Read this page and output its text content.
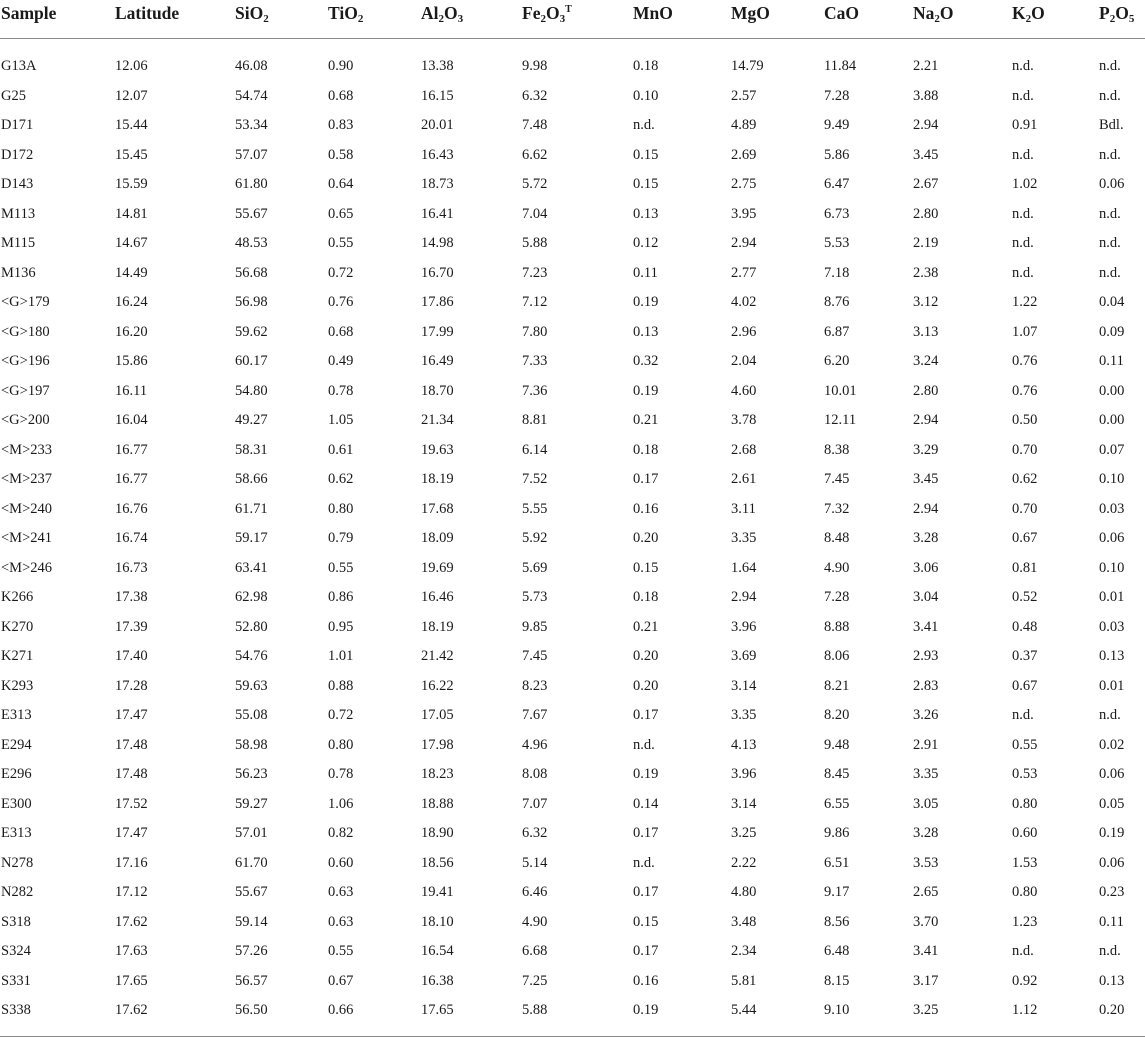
Sample	Latitude	SiO$_2$	TiO$_2$	$Al_2O_3$	$Fe_2O_3^T$	MnO	MgO	CaO	$Na_2O$	$K_2O$	$P_2O_5$
G13A	12.06	46.08	0.90	13.38	9.98	0.18	14.79	11.84	2.21	n.d.	n.d.
G25	12.07	54.74	0.68	16.15	6.32	0.10	2.57	7.28	3.88	n.d.	n.d.
D171	15.44	53.34	0.83	20.01	7.48	n.d.	4.89	9.49	2.94	0.91	Bdl.
D172	15.45	57.07	0.58	16.43	6.62	0.15	2.69	5.86	3.45	n.d.	n.d.
D143	15.59	61.80	0.64	18.73	5.72	0.15	2.75	6.47	2.67	1.02	0.06
M113	14.81	55.67	0.65	16.41	7.04	0.13	3.95	6.73	2.80	n.d.	n.d.
M115	14.67	48.53	0.55	14.98	5.88	0.12	2.94	5.53	2.19	n.d.	n.d.
M136	14.49	56.68	0.72	16.70	7.23	0.11	2.77	7.18	2.38	n.d.	n.d.
<G>179	16.24	56.98	0.76	17.86	7.12	0.19	4.02	8.76	3.12	1.22	0.04
<G>180	16.20	59.62	0.68	17.99	7.80	0.13	2.96	6.87	3.13	1.07	0.09
<G>196	15.86	60.17	0.49	16.49	7.33	0.32	2.04	6.20	3.24	0.76	0.11
<G>197	16.11	54.80	0.78	18.70	7.36	0.19	4.60	10.01	2.80	0.76	0.00
<G>200	16.04	49.27	1.05	21.34	8.81	0.21	3.78	12.11	2.94	0.50	0.00
<M>233	16.77	58.31	0.61	19.63	6.14	0.18	2.68	8.38	3.29	0.70	0.07
<M>237	16.77	58.66	0.62	18.19	7.52	0.17	2.61	7.45	3.45	0.62	0.10
<M>240	16.76	61.71	0.80	17.68	5.55	0.16	3.11	7.32	2.94	0.70	0.03
<M>241	16.74	59.17	0.79	18.09	5.92	0.20	3.35	8.48	3.28	0.67	0.06
<M>246	16.73	63.41	0.55	19.69	5.69	0.15	1.64	4.90	3.06	0.81	0.10
K266	17.38	62.98	0.86	16.46	5.73	0.18	2.94	7.28	3.04	0.52	0.01
K270	17.39	52.80	0.95	18.19	9.85	0.21	3.96	8.88	3.41	0.48	0.03
K271	17.40	54.76	1.01	21.42	7.45	0.20	3.69	8.06	2.93	0.37	0.13
K293	17.28	59.63	0.88	16.22	8.23	0.20	3.14	8.21	2.83	0.67	0.01
E313	17.47	55.08	0.72	17.05	7.67	0.17	3.35	8.20	3.26	n.d.	n.d.
E294	17.48	58.98	0.80	17.98	4.96	n.d.	4.13	9.48	2.91	0.55	0.02
E296	17.48	56.23	0.78	18.23	8.08	0.19	3.96	8.45	3.35	0.53	0.06
E300	17.52	59.27	1.06	18.88	7.07	0.14	3.14	6.55	3.05	0.80	0.05
E313	17.47	57.01	0.82	18.90	6.32	0.17	3.25	9.86	3.28	0.60	0.19
N278	17.16	61.70	0.60	18.56	5.14	n.d.	2.22	6.51	3.53	1.53	0.06
N282	17.12	55.67	0.63	19.41	6.46	0.17	4.80	9.17	2.65	0.80	0.23
S318	17.62	59.14	0.63	18.10	4.90	0.15	3.48	8.56	3.70	1.23	0.11
S324	17.63	57.26	0.55	16.54	6.68	0.17	2.34	6.48	3.41	n.d.	n.d.
S331	17.65	56.57	0.67	16.38	7.25	0.16	5.81	8.15	3.17	0.92	0.13
S338	17.62	56.50	0.66	17.65	5.88	0.19	5.44	9.10	3.25	1.12	0.20
